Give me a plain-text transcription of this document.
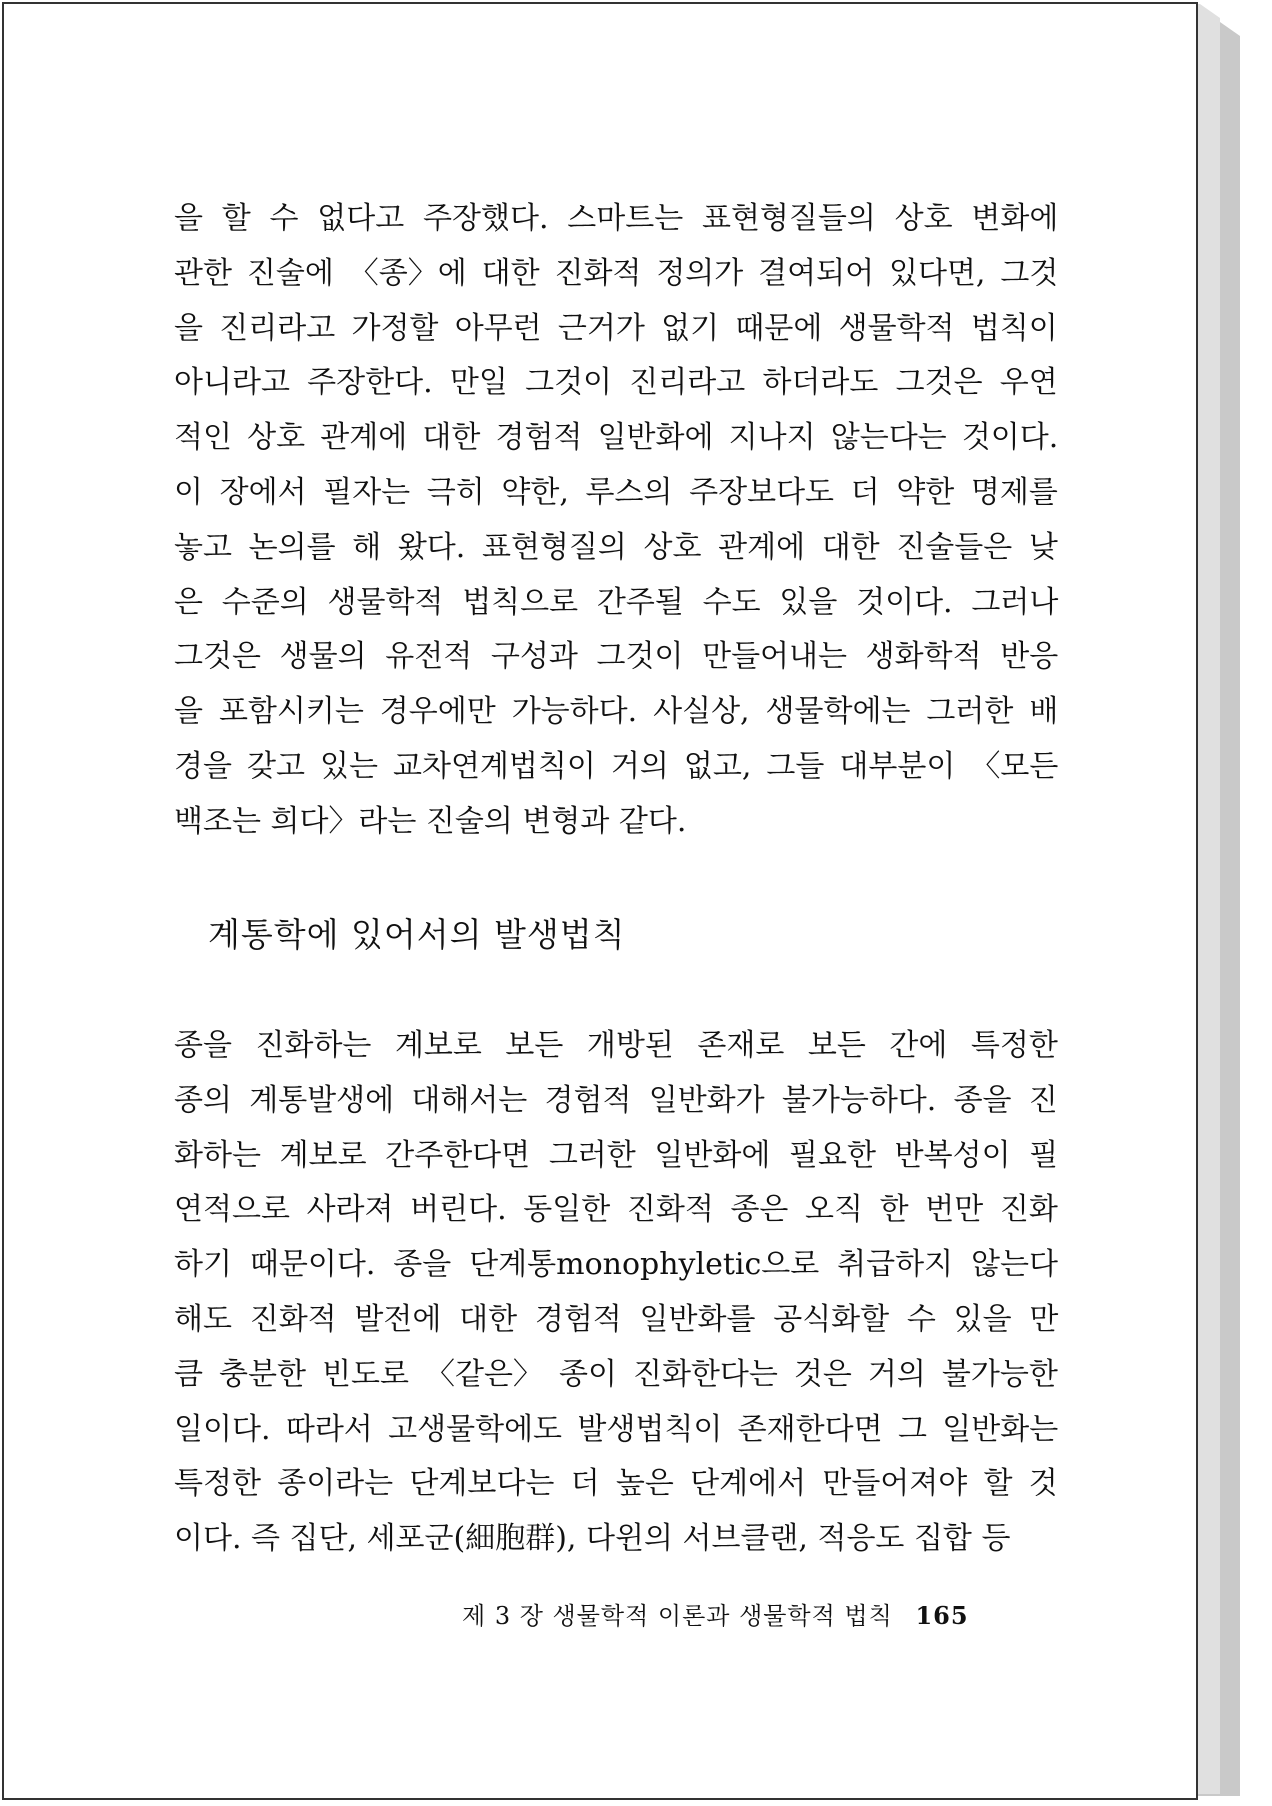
을 할 수 없다고 주장했다. 스마트는 표현형질들의 상호 변화에
관한 진술에 〈종〉에 대한 진화적 정의가 결여되어 있다면, 그것
을 진리라고 가정할 아무런 근거가 없기 때문에 생물학적 법칙이
아니라고 주장한다. 만일 그것이 진리라고 하더라도 그것은 우연
적인 상호 관계에 대한 경험적 일반화에 지나지 않는다는 것이다.
이 장에서 필자는 극히 약한, 루스의 주장보다도 더 약한 명제를
놓고 논의를 해 왔다. 표현형질의 상호 관계에 대한 진술들은 낮
은 수준의 생물학적 법칙으로 간주될 수도 있을 것이다. 그러나
그것은 생물의 유전적 구성과 그것이 만들어내는 생화학적 반응
을 포함시키는 경우에만 가능하다. 사실상, 생물학에는 그러한 배
경을 갖고 있는 교차연계법칙이 거의 없고, 그들 대부분이 〈모든
백조는 희다〉라는 진술의 변형과 같다.
계통학에 있어서의 발생법칙
종을 진화하는 계보로 보든 개방된 존재로 보든 간에 특정한
종의 계통발생에 대해서는 경험적 일반화가 불가능하다. 종을 진
화하는 계보로 간주한다면 그러한 일반화에 필요한 반복성이 필
연적으로 사라져 버린다. 동일한 진화적 종은 오직 한 번만 진화
하기 때문이다. 종을 단계통monophyletic으로 취급하지 않는다
해도 진화적 발전에 대한 경험적 일반화를 공식화할 수 있을 만
큼 충분한 빈도로 〈같은〉 종이 진화한다는 것은 거의 불가능한
일이다. 따라서 고생물학에도 발생법칙이 존재한다면 그 일반화는
특정한 종이라는 단계보다는 더 높은 단계에서 만들어져야 할 것
이다. 즉 집단, 세포군(細胞群), 다윈의 서브클랜, 적응도 집합 등
제 3 장 생물학적 이론과 생물학적 법칙 165
